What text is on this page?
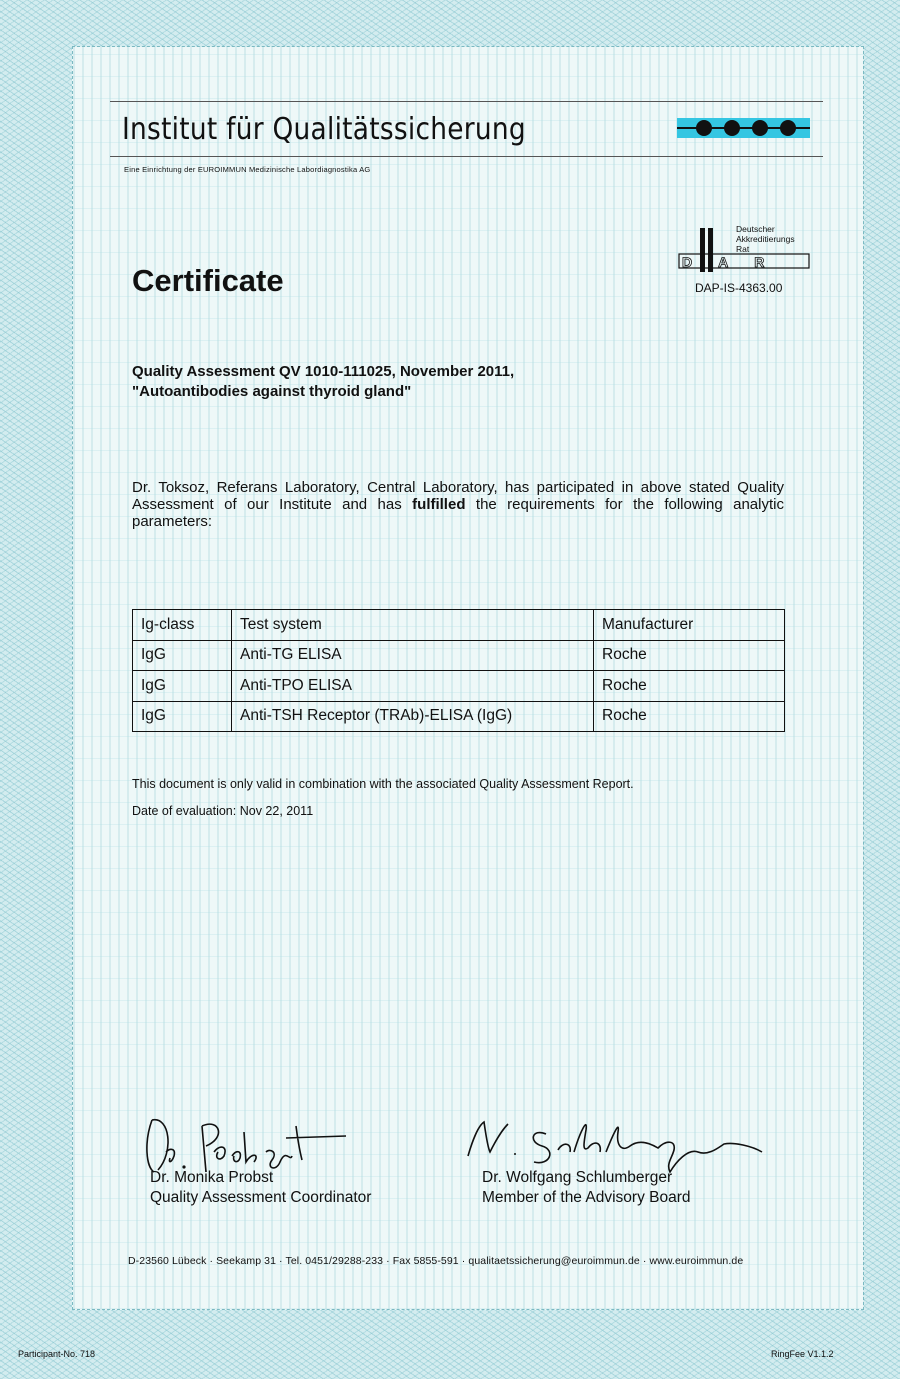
Institut für Qualitätssicherung
Eine Einrichtung der EUROIMMUN Medizinische Labordiagnostika AG
Certificate
DAR
Deutscher
Akkreditierungs
Rat
DAP-IS-4363.00
Quality Assessment QV 1010-111025, November 2011,
"Autoantibodies against thyroid gland"
Dr. Toksoz, Referans Laboratory, Central Laboratory, has participated in above stated Quality Assessment of our Institute and has fulfilled the requirements for the following analytic parameters:
Ig-class	Test system	Manufacturer
IgG	Anti-TG ELISA	Roche
IgG	Anti-TPO ELISA	Roche
IgG	Anti-TSH Receptor (TRAb)-ELISA (IgG)	Roche
This document is only valid in combination with the associated Quality Assessment Report.
Date of evaluation: Nov 22, 2011
Dr. Monika Probst
Quality Assessment Coordinator
Dr. Wolfgang Schlumberger
Member of the Advisory Board
D-23560 Lübeck · Seekamp 31 · Tel. 0451/29288-233 · Fax 5855-591 · qualitaetssicherung@euroimmun.de · www.euroimmun.de
Participant-No. 718	RingFee V1.1.2
